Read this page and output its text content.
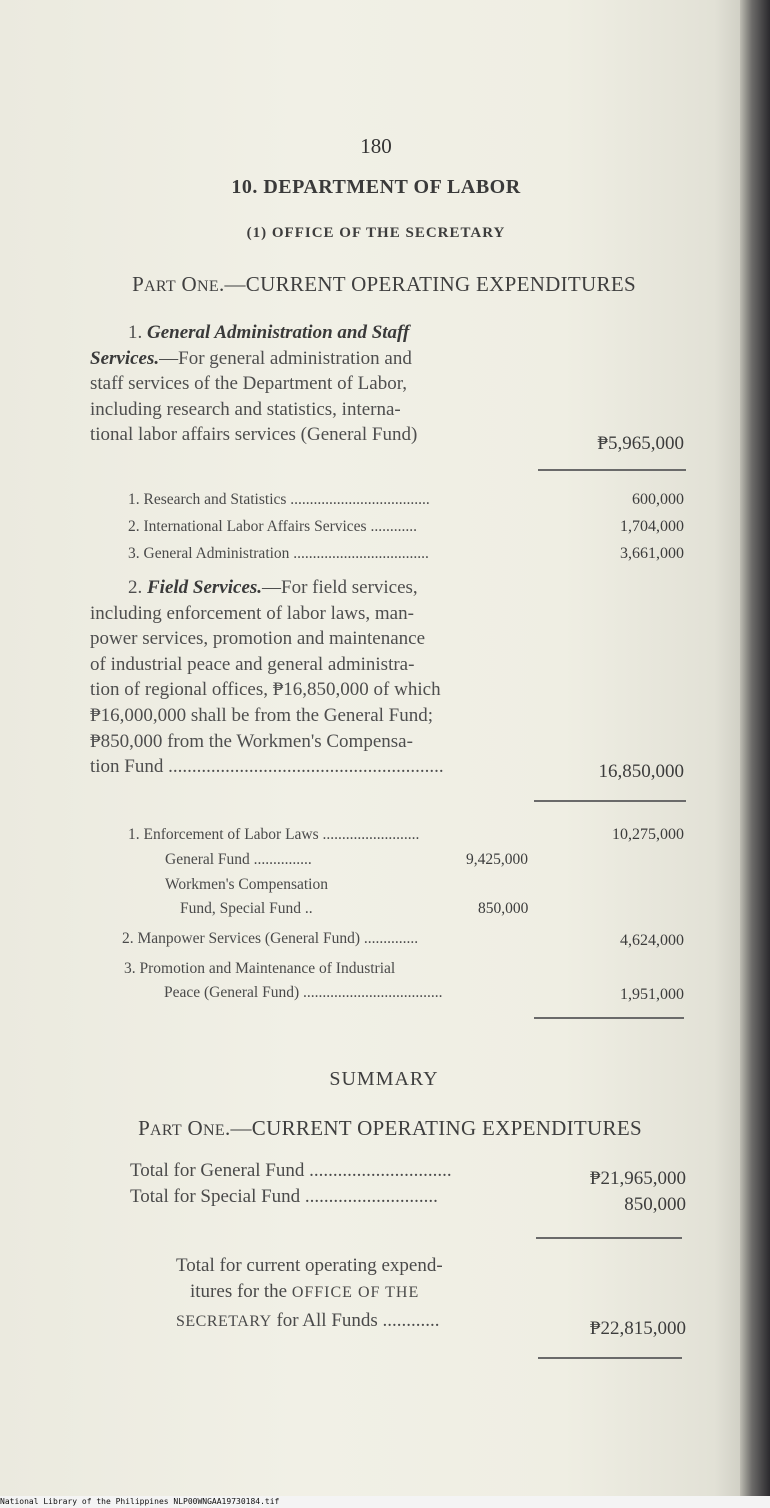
180
10. DEPARTMENT OF LABOR
(1) OFFICE OF THE SECRETARY
PART ONE.—CURRENT OPERATING EXPENDITURES
1. General Administration and Staff
Services.—For general administration and
staff services of the Department of Labor,
including research and statistics, interna-
tional labor affairs services (General Fund)	₱5,965,000
1. Research and Statistics ....................................	600,000
2. International Labor Affairs Services ............	1,704,000
3. General Administration ...................................	3,661,000
2. Field Services.—For field services,
including enforcement of labor laws, man-
power services, promotion and maintenance
of industrial peace and general administra-
tion of regional offices, ₱16,850,000 of which
₱16,000,000 shall be from the General Fund;
₱850,000 from the Workmen's Compensa-
tion Fund ..........................................................	16,850,000
1. Enforcement of Labor Laws .........................	10,275,000
General Fund ...............	9,425,000
Workmen's Compensation
Fund, Special Fund ..	850,000
2. Manpower Services (General Fund) ..............	4,624,000
3. Promotion and Maintenance of Industrial
Peace (General Fund) ....................................	1,951,000
SUMMARY
PART ONE.—CURRENT OPERATING EXPENDITURES
Total for General Fund ..............................	₱21,965,000
Total for Special Fund ............................	850,000
Total for current operating expend-
itures for the OFFICE OF THE
SECRETARY for All Funds ............	₱22,815,000
National Library of the Philippines NLP00WNGAA19730184.tif
